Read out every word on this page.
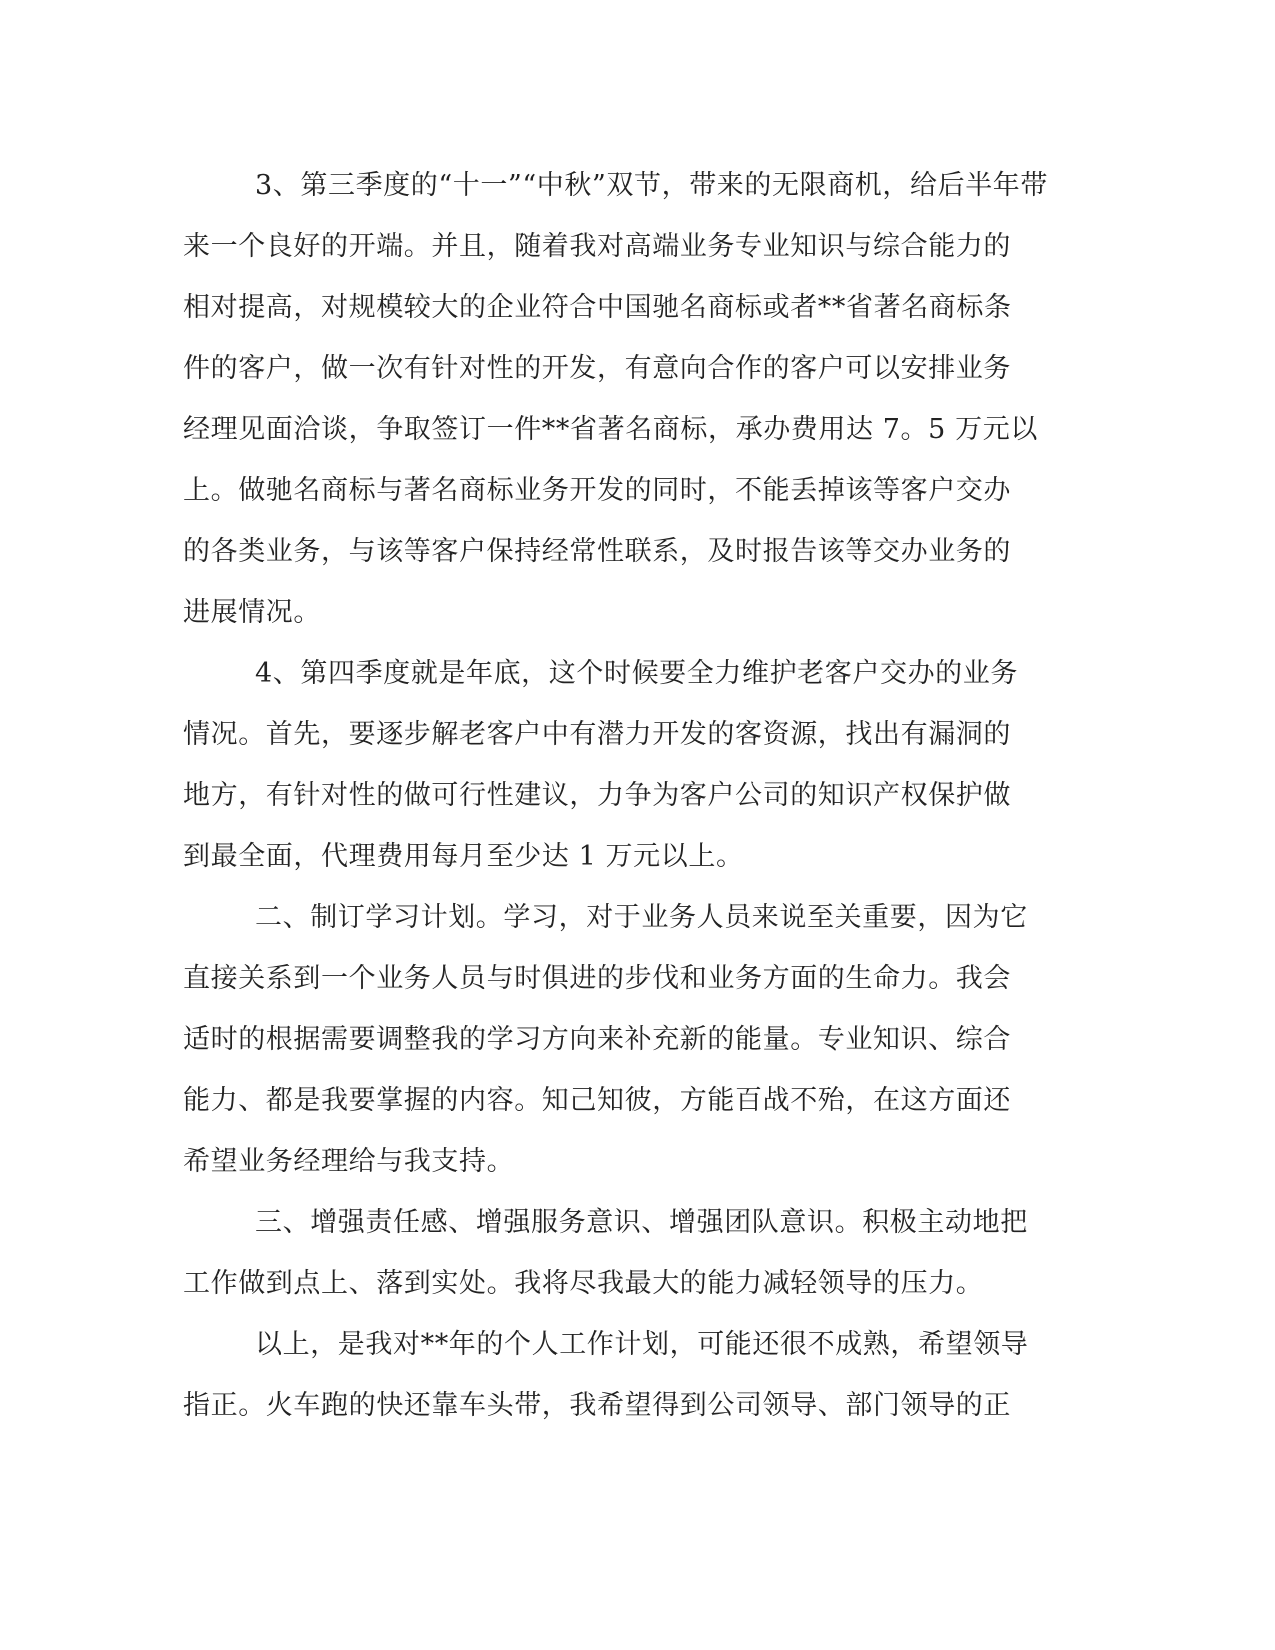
3、第三季度的“十一”“中秋”双节，带来的无限商机，给后半年带
来一个良好的开端。并且，随着我对高端业务专业知识与综合能力的
相对提高，对规模较大的企业符合中国驰名商标或者**省著名商标条
件的客户，做一次有针对性的开发，有意向合作的客户可以安排业务
经理见面洽谈，争取签订一件**省著名商标，承办费用达 7。5 万元以
上。做驰名商标与著名商标业务开发的同时，不能丢掉该等客户交办
的各类业务，与该等客户保持经常性联系，及时报告该等交办业务的
进展情况。
4、第四季度就是年底，这个时候要全力维护老客户交办的业务
情况。首先，要逐步解老客户中有潜力开发的客资源，找出有漏洞的
地方，有针对性的做可行性建议，力争为客户公司的知识产权保护做
到最全面，代理费用每月至少达 1 万元以上。
二、制订学习计划。学习，对于业务人员来说至关重要，因为它
直接关系到一个业务人员与时俱进的步伐和业务方面的生命力。我会
适时的根据需要调整我的学习方向来补充新的能量。专业知识、综合
能力、都是我要掌握的内容。知己知彼，方能百战不殆，在这方面还
希望业务经理给与我支持。
三、增强责任感、增强服务意识、增强团队意识。积极主动地把
工作做到点上、落到实处。我将尽我最大的能力减轻领导的压力。
以上，是我对**年的个人工作计划，可能还很不成熟，希望领导
指正。火车跑的快还靠车头带，我希望得到公司领导、部门领导的正
